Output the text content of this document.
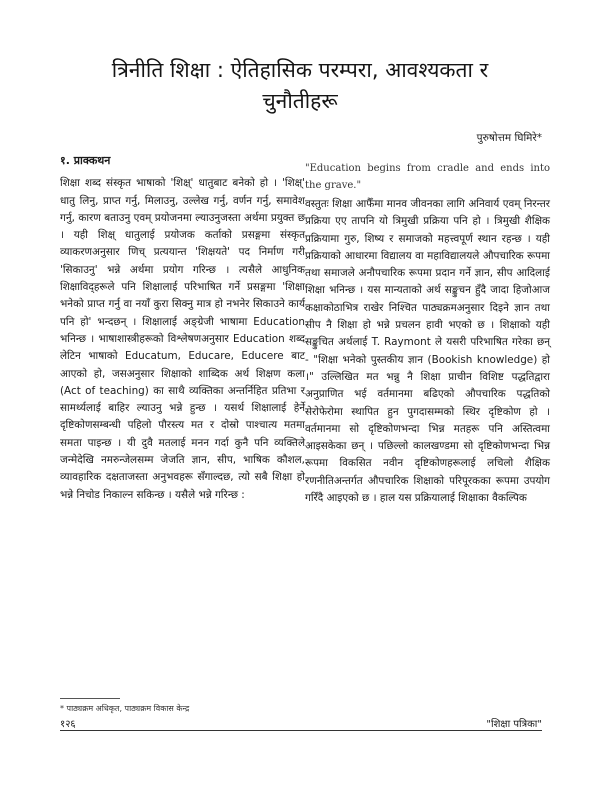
त्रिनीति शिक्षा : ऐतिहासिक परम्परा, आवश्यकता र
चुनौतीहरू
पुरुषोत्तम घिमिरे*
१. प्राक्कथन

शिक्षा शब्द संस्कृत भाषाको 'शिक्ष्' धातुबाट बनेको हो । 'शिक्ष्' धातु लिनु, प्राप्त गर्नु, मिलाउनु, उल्लेख गर्नु, वर्णन गर्नु, समावेश गर्नु, कारण बताउनु एवम् प्रयोजनमा ल्याउनुजस्ता अर्थमा प्रयुक्त छ । यही शिक्ष् धातुलाई प्रयोजक कर्ताको प्रसङ्गमा संस्कृत व्याकरणअनुसार णिच् प्रत्ययान्त 'शिक्षयते' पद निर्माण गरी 'सिकाउनु' भन्ने अर्थमा प्रयोग गरिन्छ । त्यसैले आधुनिक शिक्षाविद्हरूले पनि शिक्षालाई परिभाषित गर्ने प्रसङ्गमा 'शिक्षा भनेको प्राप्त गर्नु वा नयाँ कुरा सिक्नु मात्र हो नभनेर सिकाउने कार्य पनि हो' भन्दछन् । शिक्षालाई अङ्ग्रेजी भाषामा Education भनिन्छ । भाषाशास्त्रीहरूको विश्लेषणअनुसार Education शब्द लेटिन भाषाको Educatum, Educare, Educere बाट आएको हो, जसअनुसार शिक्षाको शाब्दिक अर्थ शिक्षण कला (Act of teaching) का साथै व्यक्तिका अन्तर्निहित प्रतिभा र सामर्थ्यलाई बाहिर ल्याउनु भन्ने हुन्छ । यसर्थ शिक्षालाई हेर्ने दृष्टिकोणसम्बन्धी पहिलो पौरस्त्य मत र दोस्रो पाश्चात्य मतमा समता पाइन्छ । यी दुवै मतलाई मनन गर्दा कुनै पनि व्यक्तिले जन्मेदेखि नमरुन्जेलसम्म जेजति ज्ञान, सीप, भाषिक कौशल, व्यावहारिक दक्षताजस्ता अनुभवहरू सँगाल्दछ, त्यो सबै शिक्षा हो भन्ने निचोड निकाल्न सकिन्छ । यसैले भन्ने गरिन्छ :

"Education begins from cradle and ends into the grave."

वस्तुतः शिक्षा आफैँमा मानव जीवनका लागि अनिवार्य एवम् निरन्तर प्रक्रिया एए तापनि यो त्रिमुखी प्रक्रिया पनि हो । त्रिमुखी शैक्षिक प्रक्रियामा गुरु, शिष्य र समाजको महत्त्वपूर्ण स्थान रहन्छ । यही प्रक्रियाको आधारमा विद्यालय वा महाविद्यालयले औपचारिक रूपमा तथा समाजले अनौपचारिक रूपमा प्रदान गर्ने ज्ञान, सीप आदिलाई शिक्षा भनिन्छ । यस मान्यताको अर्थ सङ्कुचन हुँदै जादा हिजोआज कक्षाकोठाभित्र राखेर निश्चित पाठ्यक्रमअनुसार दिइने ज्ञान तथा सीप नै शिक्षा हो भन्ने प्रचलन हावी भएको छ । शिक्षाको यही सङ्कुचित अर्थलाई T. Raymont ले यसरी परिभाषित गरेका छन् - "शिक्षा भनेको पुस्तकीय ज्ञान (Bookish knowledge) हो ।" उल्लिखित मत भन्नु नै शिक्षा प्राचीन विशिष्ट पद्धतिद्वारा अनुप्राणित भई वर्तमानमा बढिएको औपचारिक पद्धतिको सेरोफेरोमा स्थापित हुन पुगदासम्मको स्थिर दृष्टिकोण हो । वर्तमानमा सो दृष्टिकोणभन्दा भिन्न मतहरू पनि अस्तित्वमा आइसकेका छन् । पछिल्लो कालखण्डमा सो दृष्टिकोणभन्दा भिन्न रूपमा विकसित नवीन दृष्टिकोणहरूलाई लचिलो शैक्षिक रणनीतिअन्तर्गत औपचारिक शिक्षाको परिपूरकका रूपमा उपयोग गरिँदै आइएको छ । हाल यस प्रक्रियालाई शिक्षाका वैकल्पिक

* पाठ्यक्रम अधिकृत, पाठ्यक्रम विकास केन्द्र
१२६	"शिक्षा पत्रिका"
